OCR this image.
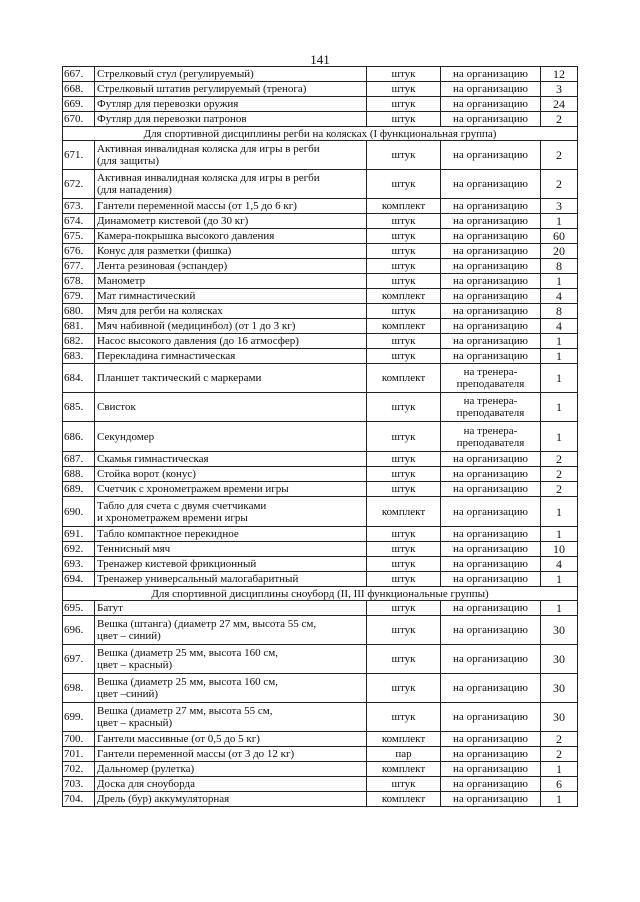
141
667.	Стрелковый стул (регулируемый)	штук	на организацию	12
668.	Стрелковый штатив регулируемый (тренога)	штук	на организацию	3
669.	Футляр для перевозки оружия	штук	на организацию	24
670.	Футляр для перевозки патронов	штук	на организацию	2
Для спортивной дисциплины регби на колясках (I функциональная группа)				
671.	Активная инвалидная коляска для игры в регби
(для защиты)	штук	на организацию	2
672.	Активная инвалидная коляска для игры в регби
(для нападения)	штук	на организацию	2
673.	Гантели переменной массы (от 1,5 до 6 кг)	комплект	на организацию	3
674.	Динамометр кистевой (до 30 кг)	штук	на организацию	1
675.	Камера-покрышка высокого давления	штук	на организацию	60
676.	Конус для разметки (фишка)	штук	на организацию	20
677.	Лента резиновая (эспандер)	штук	на организацию	8
678.	Манометр	штук	на организацию	1
679.	Мат гимнастический	комплект	на организацию	4
680.	Мяч для регби на колясках	штук	на организацию	8
681.	Мяч набивной (медицинбол) (от 1 до 3 кг)	комплект	на организацию	4
682.	Насос высокого давления (до 16 атмосфер)	штук	на организацию	1
683.	Перекладина гимнастическая	штук	на организацию	1
684.	Планшет тактический с маркерами	комплект	на тренера-
преподавателя	1
685.	Свисток	штук	на тренера-
преподавателя	1
686.	Секундомер	штук	на тренера-
преподавателя	1
687.	Скамья гимнастическая	штук	на организацию	2
688.	Стойка ворот (конус)	штук	на организацию	2
689.	Счетчик с хронометражем времени игры	штук	на организацию	2
690.	Табло для счета с двумя счетчиками
и хронометражем времени игры	комплект	на организацию	1
691.	Табло компактное перекидное	штук	на организацию	1
692.	Теннисный мяч	штук	на организацию	10
693.	Тренажер кистевой фрикционный	штук	на организацию	4
694.	Тренажер универсальный малогабаритный	штук	на организацию	1
Для спортивной дисциплины сноуборд (II, III функциональные группы)				
695.	Батут	штук	на организацию	1
696.	Вешка (штанга) (диаметр 27 мм, высота 55 см,
цвет – синий)	штук	на организацию	30
697.	Вешка (диаметр 25 мм, высота 160 см,
цвет – красный)	штук	на организацию	30
698.	Вешка (диаметр 25 мм, высота 160 см,
цвет –синий)	штук	на организацию	30
699.	Вешка (диаметр 27 мм, высота 55 см,
цвет – красный)	штук	на организацию	30
700.	Гантели массивные (от 0,5 до 5 кг)	комплект	на организацию	2
701.	Гантели переменной массы (от 3 до 12 кг)	пар	на организацию	2
702.	Дальномер (рулетка)	комплект	на организацию	1
703.	Доска для сноуборда	штук	на организацию	6
704.	Дрель (бур) аккумуляторная	комплект	на организацию	1
